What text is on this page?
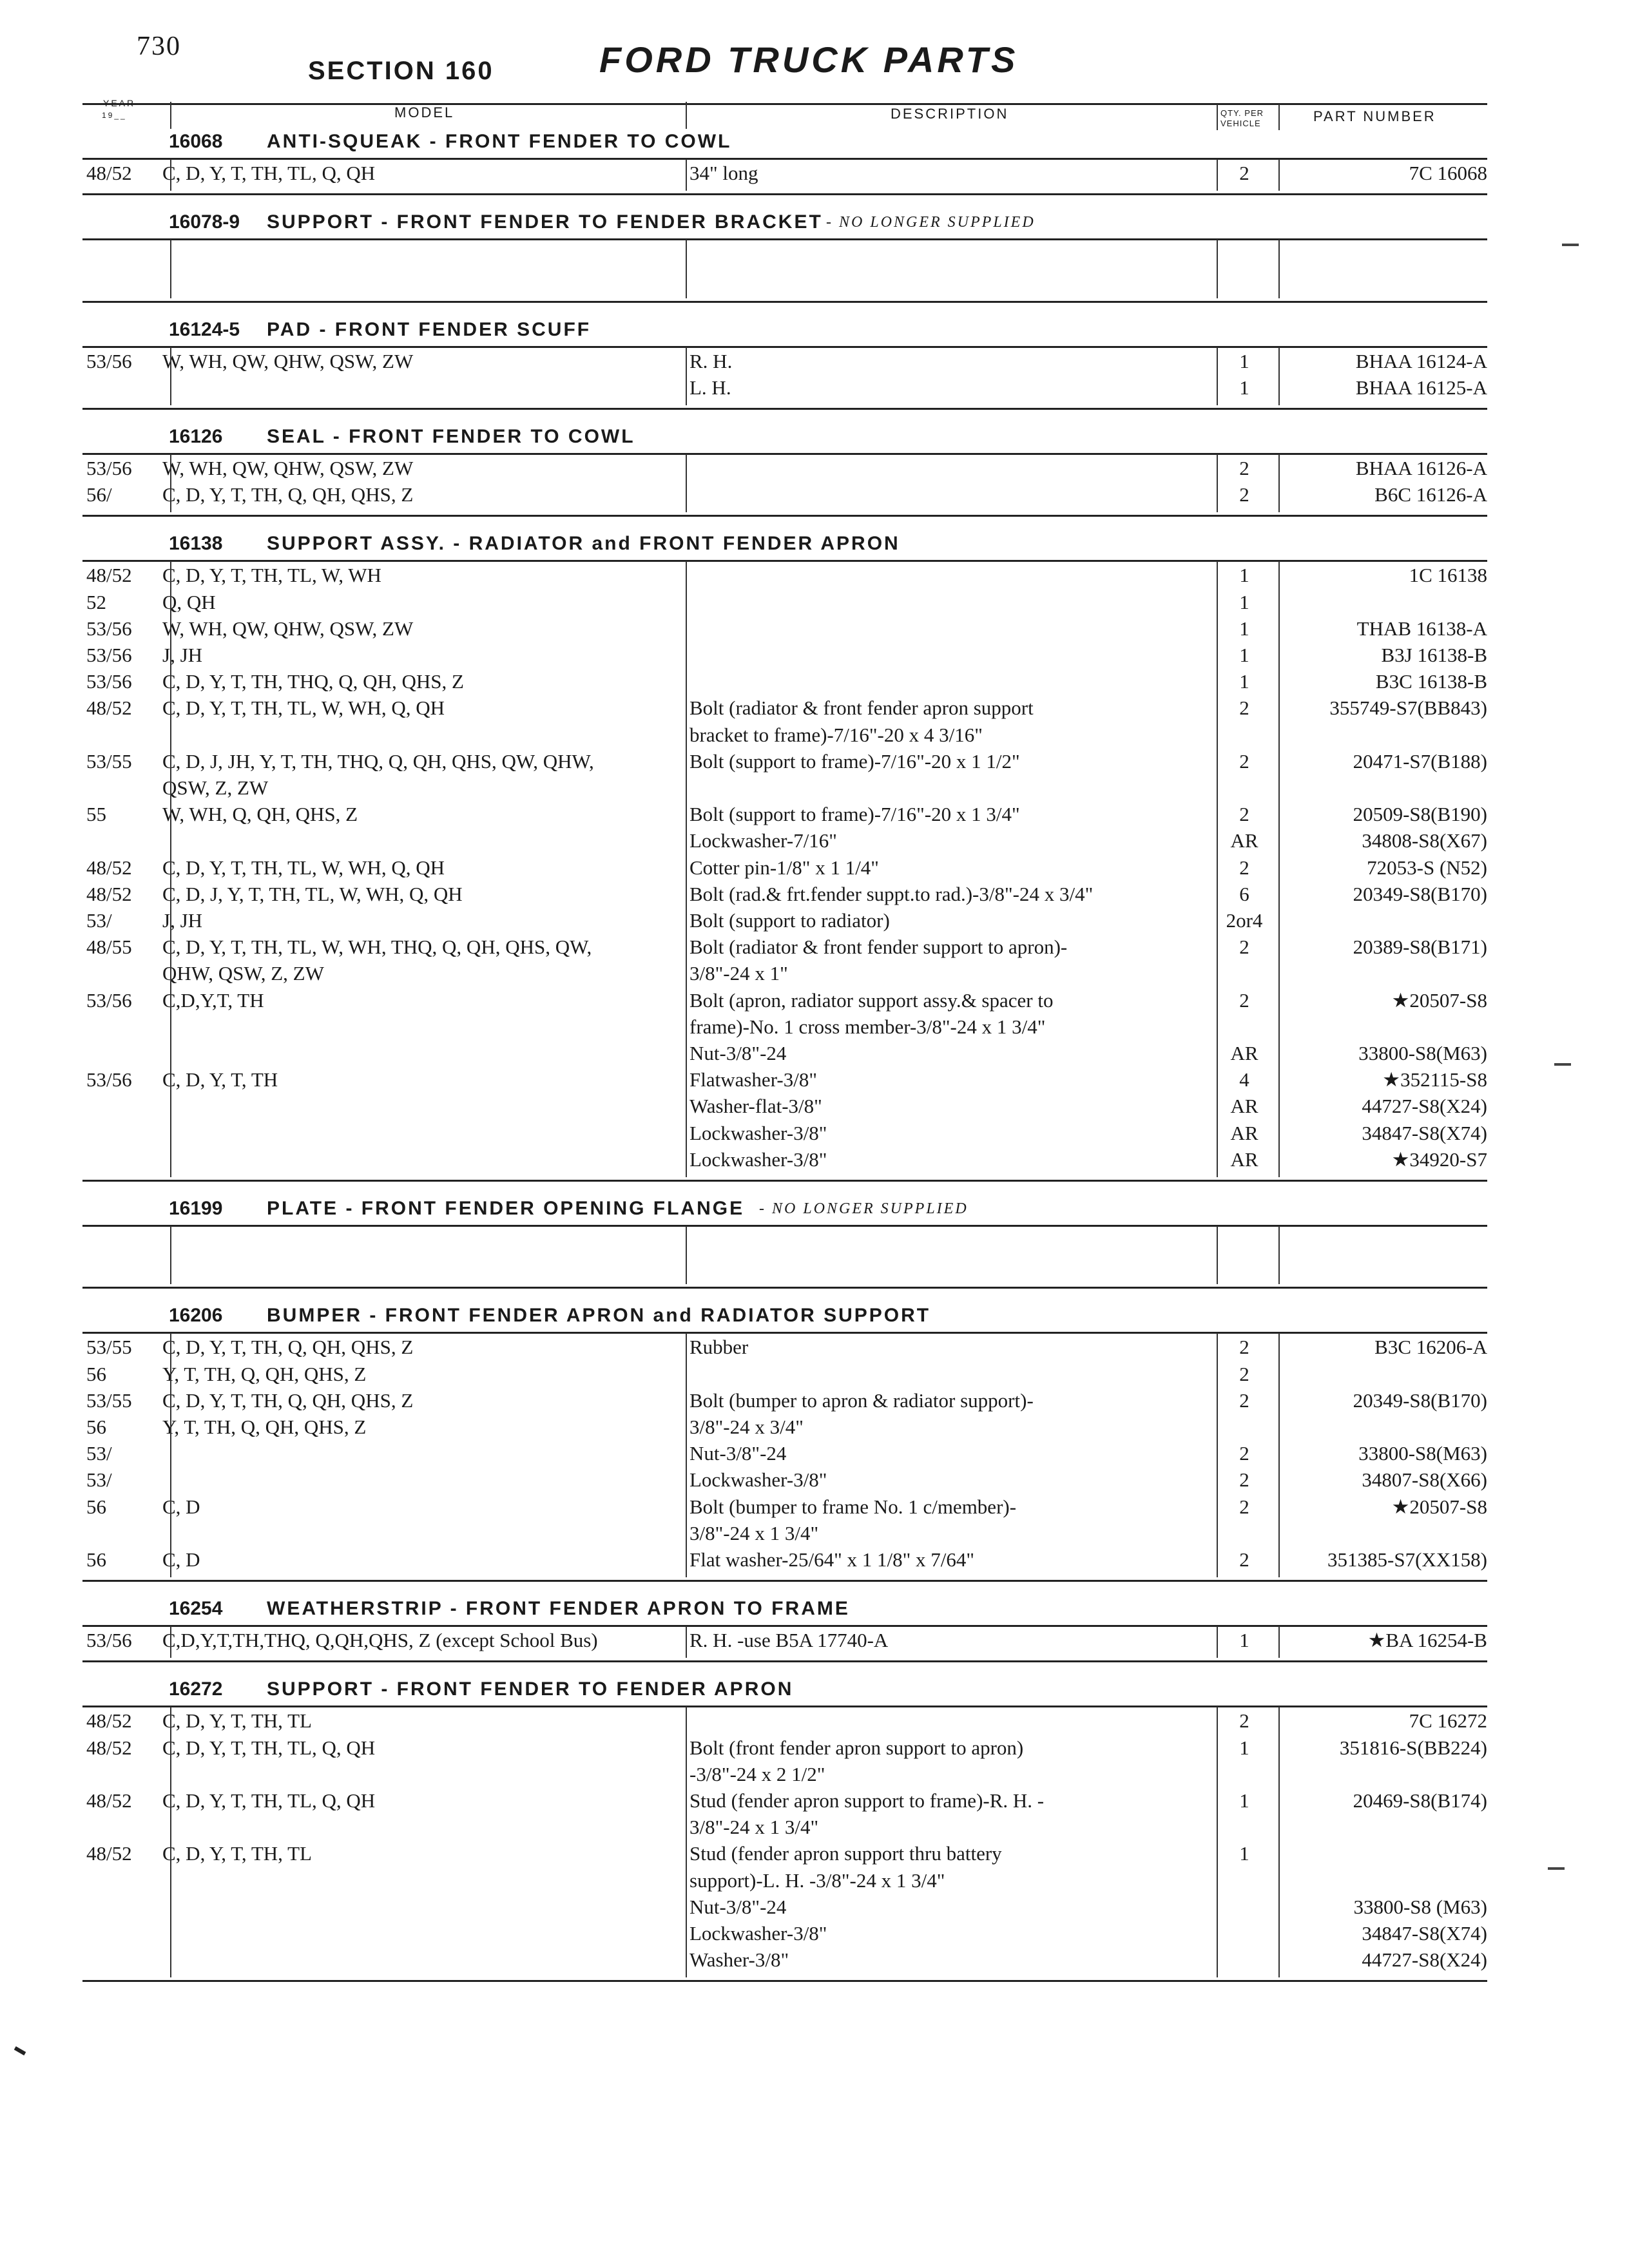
730
SECTION 160	FORD TRUCK PARTS
YEAR
19__	MODEL	DESCRIPTION	QTY. PER
VEHICLE	PART NUMBER
16068 ANTI-SQUEAK - FRONT FENDER TO COWL
48/52 C, D, Y, T, TH, TL, Q, QH	34" long	2	7C 16068
16078-9 SUPPORT - FRONT FENDER TO FENDER BRACKET - NO LONGER SUPPLIED
16124-5 PAD - FRONT FENDER SCUFF
53/56 W, WH, QW, QHW, QSW, ZW	R. H.	1	BHAA 16124-A
L. H.	1	BHAA 16125-A
16126 SEAL - FRONT FENDER TO COWL
53/56 W, WH, QW, QHW, QSW, ZW	2	BHAA 16126-A
56/	C, D, Y, T, TH, Q, QH, QHS, Z	2	B6C 16126-A
16138 SUPPORT ASSY. - RADIATOR and FRONT FENDER APRON
48/52 C, D, Y, T, TH, TL, W, WH	1	1C 16138
52	Q, QH	1
53/56 W, WH, QW, QHW, QSW, ZW	1	THAB 16138-A
53/56 J, JH	1	B3J 16138-B
53/56 C, D, Y, T, TH, THQ, Q, QH, QHS, Z	1	B3C 16138-B
48/52 C, D, Y, T, TH, TL, W, WH, Q, QH	Bolt (radiator & front fender apron support	2	355749-S7(BB843)
bracket to frame)-7/16"-20 x 4 3/16"
53/55 C, D, J, JH, Y, T, TH, THQ, Q, QH, QHS, QW, QHW,	Bolt (support to frame)-7/16"-20 x 1 1/2"	2	20471-S7(B188)
QSW, Z, ZW
55	W, WH, Q, QH, QHS, Z	Bolt (support to frame)-7/16"-20 x 1 3/4"	2	20509-S8(B190)
Lockwasher-7/16"	AR	34808-S8(X67)
48/52 C, D, Y, T, TH, TL, W, WH, Q, QH	Cotter pin-1/8" x 1 1/4"	2	72053-S (N52)
48/52 C, D, J, Y, T, TH, TL, W, WH, Q, QH	Bolt (rad.& frt.fender suppt.to rad.)-3/8"-24 x 3/4"	6	20349-S8(B170)
53/	J, JH	Bolt (support to radiator)	2or4
48/55 C, D, Y, T, TH, TL, W, WH, THQ, Q, QH, QHS, QW,	Bolt (radiator & front fender support to apron)-	2	20389-S8(B171)
QHW, QSW, Z, ZW	3/8"-24 x 1"
53/56 C,D,Y,T, TH	Bolt (apron, radiator support assy.& spacer to	2	★20507-S8
frame)-No. 1 cross member-3/8"-24 x 1 3/4"
Nut-3/8"-24	AR	33800-S8(M63)
53/56 C, D, Y, T, TH	Flatwasher-3/8"	4	★352115-S8
Washer-flat-3/8"	AR	44727-S8(X24)
Lockwasher-3/8"	AR	34847-S8(X74)
Lockwasher-3/8"	AR	★34920-S7
16199 PLATE - FRONT FENDER OPENING FLANGE - NO LONGER SUPPLIED
16206 BUMPER - FRONT FENDER APRON and RADIATOR SUPPORT
53/55 C, D, Y, T, TH, Q, QH, QHS, Z	Rubber	2	B3C 16206-A
56	Y, T, TH, Q, QH, QHS, Z	2
53/55 C, D, Y, T, TH, Q, QH, QHS, Z	Bolt (bumper to apron & radiator support)-	2	20349-S8(B170)
56	Y, T, TH, Q, QH, QHS, Z	3/8"-24 x 3/4"
53/	Nut-3/8"-24	2	33800-S8(M63)
53/	Lockwasher-3/8"	2	34807-S8(X66)
56	C, D	Bolt (bumper to frame No. 1 c/member)-	2	★20507-S8
3/8"-24 x 1 3/4"
56	C, D	Flat washer-25/64" x 1 1/8" x 7/64"	2	351385-S7(XX158)
16254 WEATHERSTRIP - FRONT FENDER APRON TO FRAME
53/56 C,D,Y,T,TH,THQ, Q,QH,QHS, Z (except School Bus)	R. H. -use B5A 17740-A	1	★BA 16254-B
16272 SUPPORT - FRONT FENDER TO FENDER APRON
48/52 C, D, Y, T, TH, TL	2	7C 16272
48/52 C, D, Y, T, TH, TL, Q, QH	Bolt (front fender apron support to apron)	1	351816-S(BB224)
-3/8"-24 x 2 1/2"
48/52 C, D, Y, T, TH, TL, Q, QH	Stud (fender apron support to frame)-R. H. -	1	20469-S8(B174)
3/8"-24 x 1 3/4"
48/52 C, D, Y, T, TH, TL	Stud (fender apron support thru battery	1
support)-L. H. -3/8"-24 x 1 3/4"
Nut-3/8"-24	33800-S8 (M63)
Lockwasher-3/8"	34847-S8(X74)
Washer-3/8"	44727-S8(X24)
